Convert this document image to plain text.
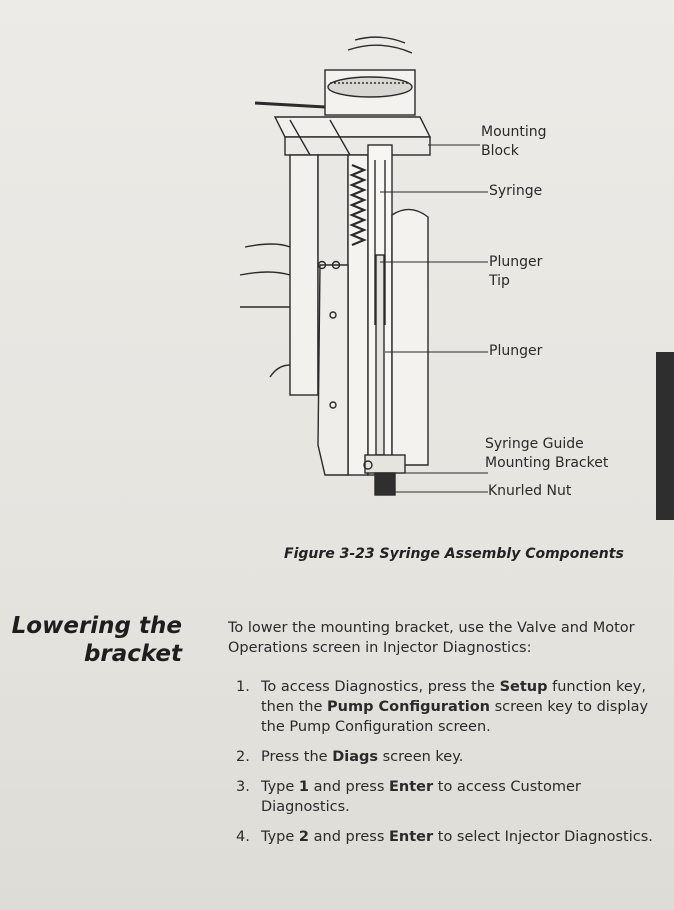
Mounting
Block
Syringe
Plunger
Tip
Plunger
Syringe Guide
Mounting Bracket
Knurled Nut
Figure 3-23 Syringe Assembly Components
Lowering the
bracket
To lower the mounting bracket, use the Valve and Motor Operations screen in Injector Diagnostics:
1. To access Diagnostics, press the Setup function key, then the Pump Configuration screen key to display the Pump Configuration screen.
2. Press the Diags screen key.
3. Type 1 and press Enter to access Customer Diagnostics.
4. Type 2 and press Enter to select Injector Diagnostics.
